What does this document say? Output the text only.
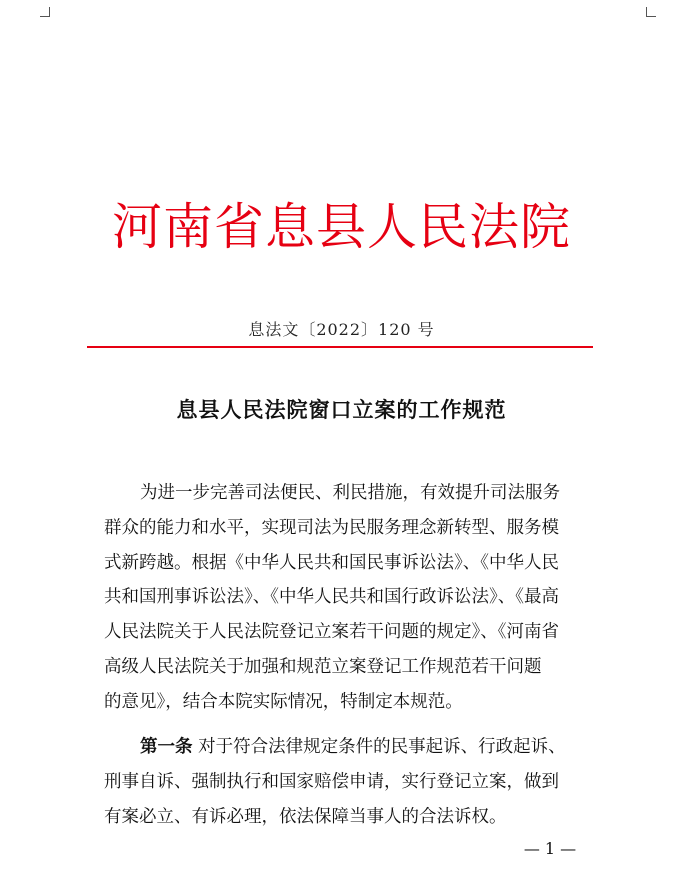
河南省息县人民法院
息法文〔2022〕120 号
息县人民法院窗口立案的工作规范
为进一步完善司法便民、利民措施，有效提升司法服务
群众的能力和水平，实现司法为民服务理念新转型、服务模
式新跨越。根据《中华人民共和国民事诉讼法》、《中华人民
共和国刑事诉讼法》、《中华人民共和国行政诉讼法》、《最高
人民法院关于人民法院登记立案若干问题的规定》、《河南省
高级人民法院关于加强和规范立案登记工作规范若干问题
的意见》，结合本院实际情况，特制定本规范。
第一条 对于符合法律规定条件的民事起诉、行政起诉、
刑事自诉、强制执行和国家赔偿申请，实行登记立案，做到
有案必立、有诉必理，依法保障当事人的合法诉权。
— 1 —
